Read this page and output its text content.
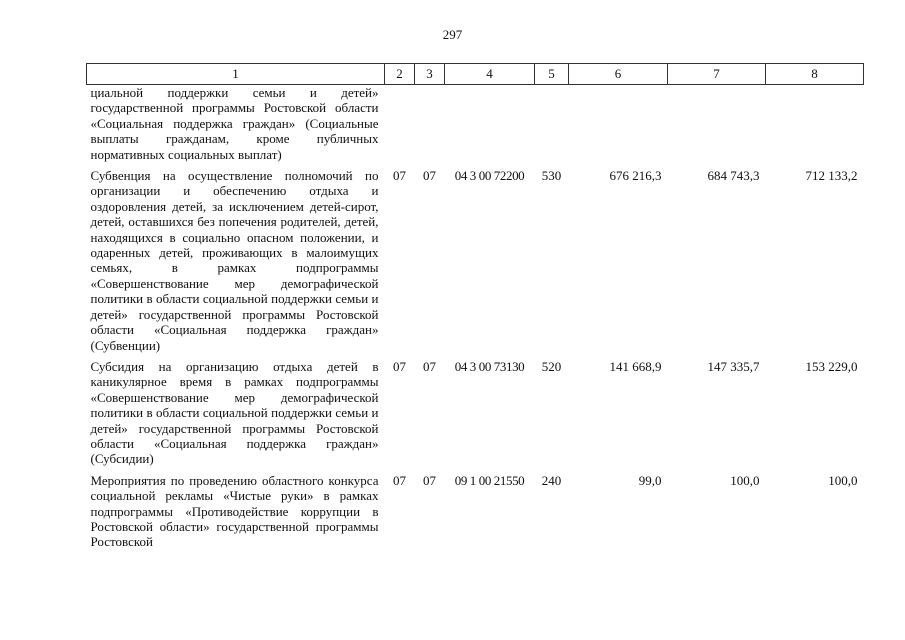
297
1	2	3	4	5	6	7	8
циальной поддержки семьи и детей» государственной программы Ростовской области «Социальная поддержка граждан» (Социальные выплаты гражданам, кроме публичных нормативных социальных выплат)							
Субвенция на осуществление полномочий по организации и обеспечению отдыха и оздоровления детей, за исключением детей-сирот, детей, оставшихся без попечения родителей, детей, находящихся в социально опасном положении, и одаренных детей, проживающих в малоимущих семьях, в рамках подпрограммы «Совершенствование мер демографической политики в области социальной поддержки семьи и детей» государственной программы Ростовской области «Социальная поддержка граждан» (Субвенции)	07	07	04 3 00 72200	530	676 216,3	684 743,3	712 133,2
Субсидия на организацию отдыха детей в каникулярное время в рамках подпрограммы «Совершенствование мер демографической политики в области социальной поддержки семьи и детей» государственной программы Ростовской области «Социальная поддержка граждан» (Субсидии)	07	07	04 3 00 73130	520	141 668,9	147 335,7	153 229,0
Мероприятия по проведению областного конкурса социальной рекламы «Чистые руки» в рамках подпрограммы «Противодействие коррупции в Ростовской области» государственной программы Ростовской	07	07	09 1 00 21550	240	99,0	100,0	100,0
